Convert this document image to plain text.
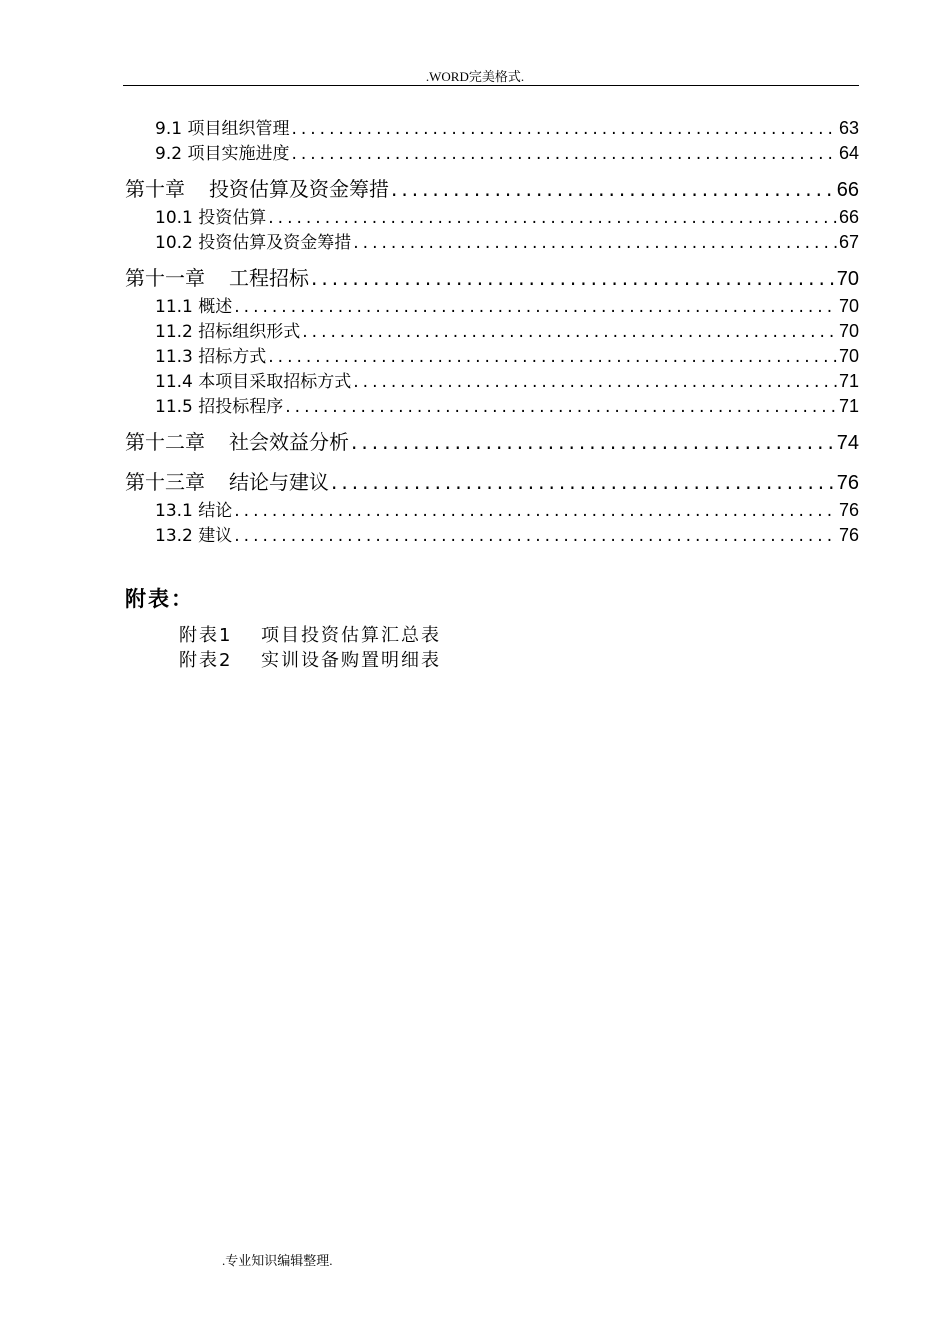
.WORD完美格式.
9.1 项目组织管理 .....	63
9.2 项目实施进度 .....	64
第十章 投资估算及资金筹措 .....	66
10.1 投资估算 .....	66
10.2 投资估算及资金筹措 .....	67
第十一章 工程招标 .....	70
11.1 概述 .....	70
11.2 招标组织形式 .....	70
11.3 招标方式 .....	70
11.4 本项目采取招标方式 .....	71
11.5 招投标程序 .....	71
第十二章 社会效益分析 .....	74
第十三章 结论与建议 .....	76
13.1 结论 .....	76
13.2 建议 .....	76
附表：
附表1 项目投资估算汇总表
附表2 实训设备购置明细表
.专业知识编辑整理.
